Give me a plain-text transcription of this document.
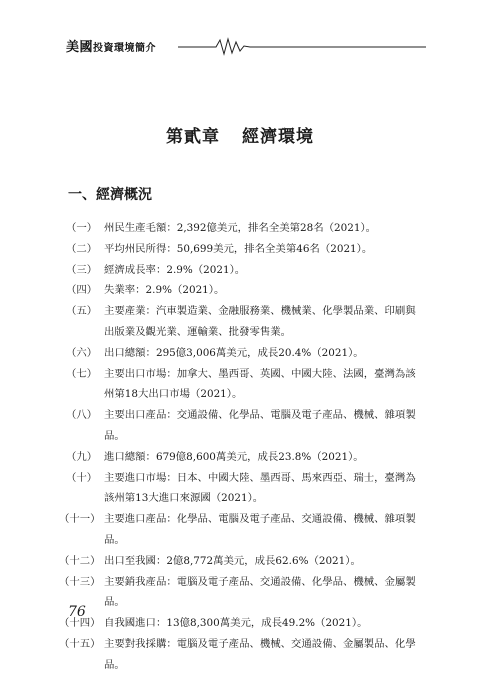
美國投資環境簡介
第貳章 經濟環境
一、經濟概況
（一） 州民生產毛額：2,392億美元，排名全美第28名（2021）。
（二） 平均州民所得：50,699美元，排名全美第46名（2021）。
（三） 經濟成長率：2.9%（2021）。
（四） 失業率：2.9%（2021）。
（五） 主要產業：汽車製造業、金融服務業、機械業、化學製品業、印刷與出版業及觀光業、運輸業、批發零售業。
（六） 出口總額：295億3,006萬美元，成長20.4%（2021）。
（七） 主要出口市場：加拿大、墨西哥、英國、中國大陸、法國，臺灣為該州第18大出口市場（2021）。
（八） 主要出口產品：交通設備、化學品、電腦及電子產品、機械、雜項製品。
（九） 進口總額：679億8,600萬美元，成長23.8%（2021）。
（十） 主要進口市場：日本、中國大陸、墨西哥、馬來西亞、瑞士，臺灣為該州第13大進口來源國（2021）。
（十一） 主要進口產品：化學品、電腦及電子產品、交通設備、機械、雜項製品。
（十二） 出口至我國：2億8,772萬美元，成長62.6%（2021）。
（十三） 主要銷我產品：電腦及電子產品、交通設備、化學品、機械、金屬製品。
（十四） 自我國進口：13億8,300萬美元，成長49.2%（2021）。
（十五） 主要對我採購：電腦及電子產品、機械、交通設備、金屬製品、化學品。
76
